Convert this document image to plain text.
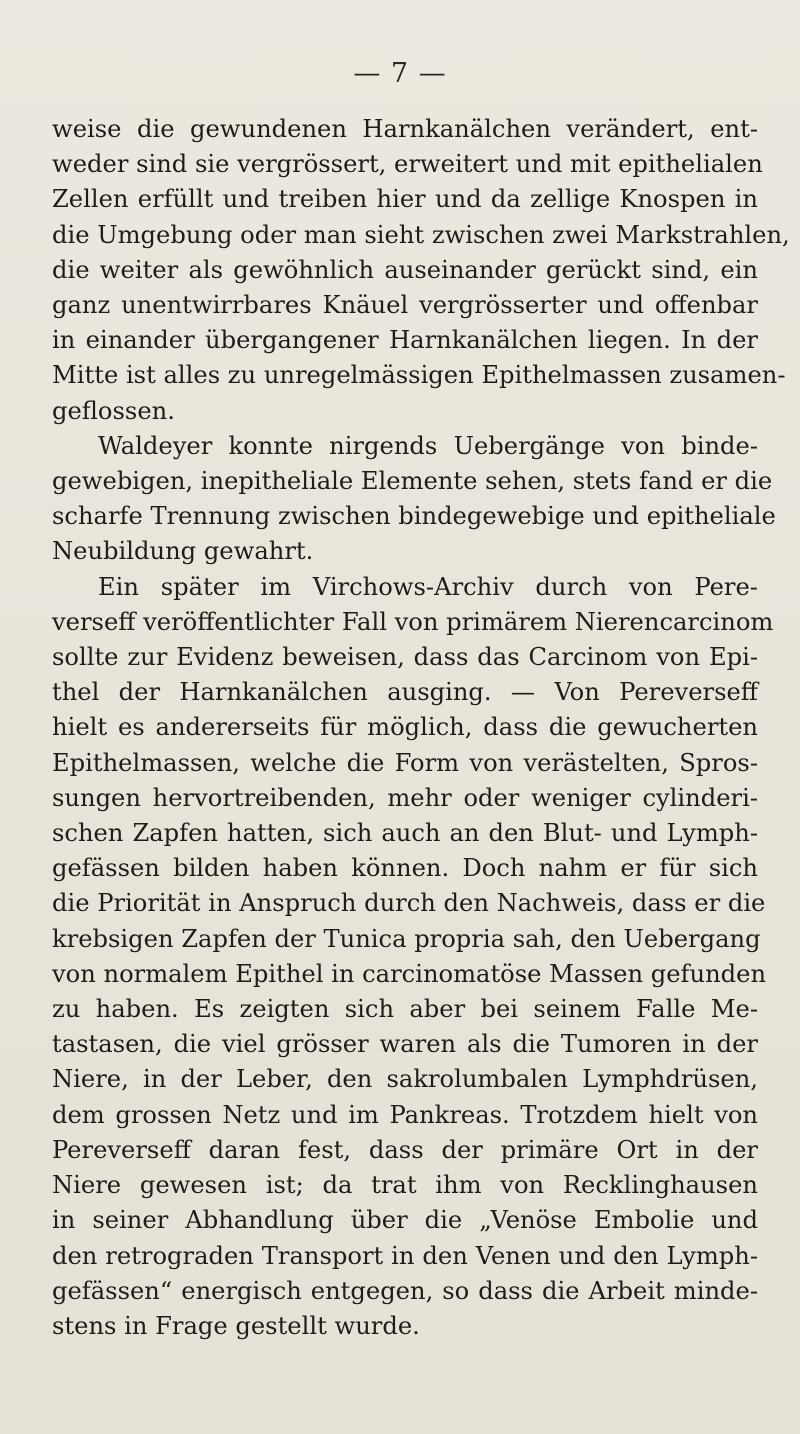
— 7 —
weise die gewundenen Harnkanälchen verändert, ent-
weder sind sie vergrössert, erweitert und mit epithelialen
Zellen erfüllt und treiben hier und da zellige Knospen in
die Umgebung oder man sieht zwischen zwei Markstrahlen,
die weiter als gewöhnlich auseinander gerückt sind, ein
ganz unentwirrbares Knäuel vergrösserter und offenbar
in einander übergangener Harnkanälchen liegen. In der
Mitte ist alles zu unregelmässigen Epithelmassen zusamen-
geflossen.
Waldeyer konnte nirgends Uebergänge von binde-
gewebigen, inepitheliale Elemente sehen, stets fand er die
scharfe Trennung zwischen bindegewebige und epitheliale
Neubildung gewahrt.
Ein später im Virchows-Archiv durch von Pere-
verseff veröffentlichter Fall von primärem Nierencarcinom
sollte zur Evidenz beweisen, dass das Carcinom von Epi-
thel der Harnkanälchen ausging. — Von Pereverseff
hielt es andererseits für möglich, dass die gewucherten
Epithelmassen, welche die Form von verästelten, Spros-
sungen hervortreibenden, mehr oder weniger cylinderi-
schen Zapfen hatten, sich auch an den Blut- und Lymph-
gefässen bilden haben können. Doch nahm er für sich
die Priorität in Anspruch durch den Nachweis, dass er die
krebsigen Zapfen der Tunica propria sah, den Uebergang
von normalem Epithel in carcinomatöse Massen gefunden
zu haben. Es zeigten sich aber bei seinem Falle Me-
tastasen, die viel grösser waren als die Tumoren in der
Niere, in der Leber, den sakrolumbalen Lymphdrüsen,
dem grossen Netz und im Pankreas. Trotzdem hielt von
Pereverseff daran fest, dass der primäre Ort in der
Niere gewesen ist; da trat ihm von Recklinghausen
in seiner Abhandlung über die „Venöse Embolie und
den retrograden Transport in den Venen und den Lymph-
gefässen“ energisch entgegen, so dass die Arbeit minde-
stens in Frage gestellt wurde.
